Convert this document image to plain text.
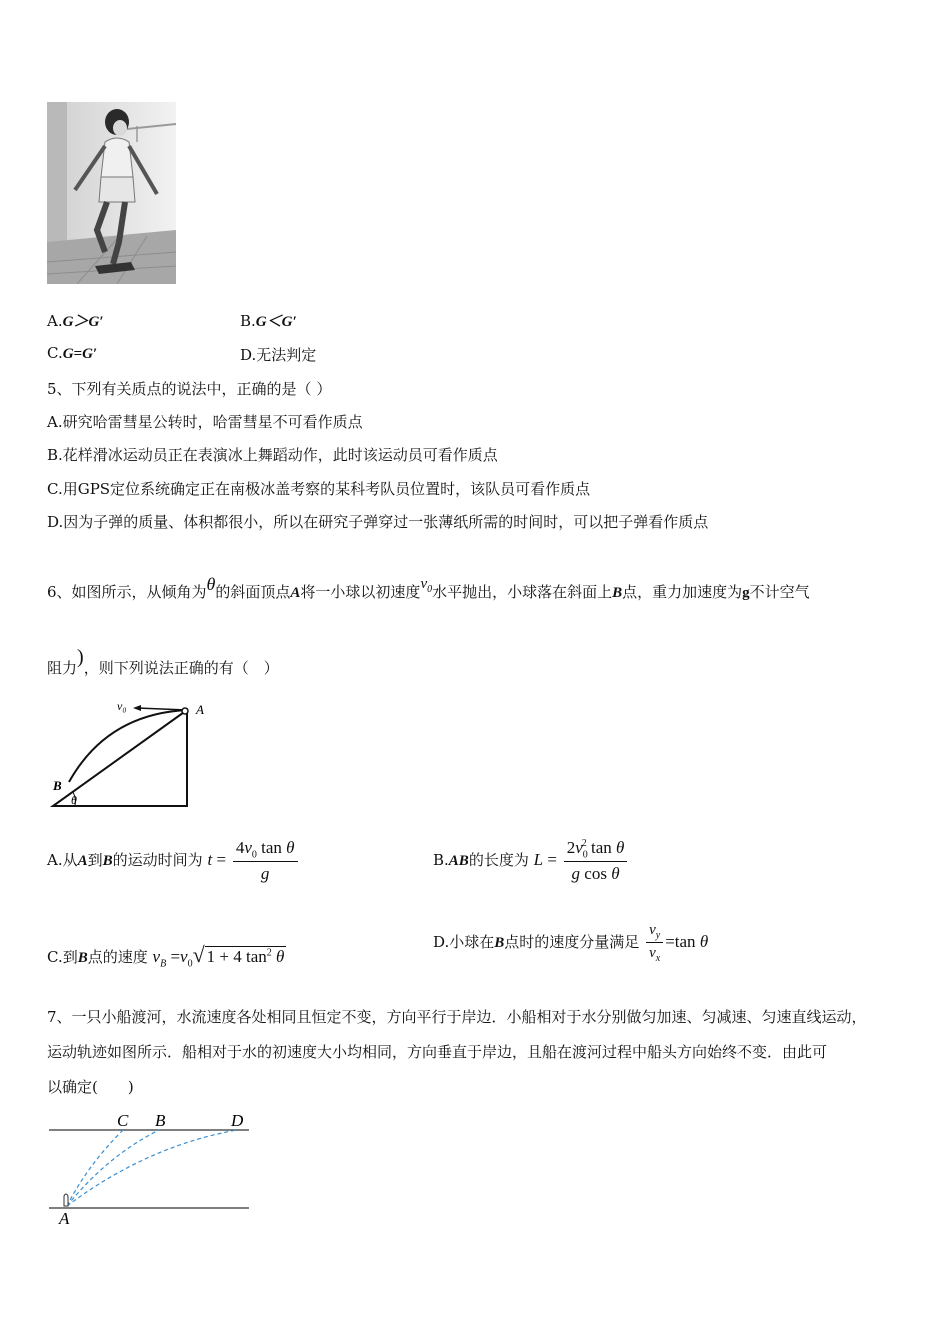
A.G＞G′	B.G＜G′
C.G=G′	D.无法判定
5、下列有关质点的说法中，正确的是（ ）
A.研究哈雷彗星公转时，哈雷彗星不可看作质点
B.花样滑冰运动员正在表演冰上舞蹈动作，此时该运动员可看作质点
C.用GPS定位系统确定正在南极冰盖考察的某科考队员位置时，该队员可看作质点
D.因为子弹的质量、体积都很小，所以在研究子弹穿过一张薄纸所需的时间时，可以把子弹看作质点
6、如图所示，从倾角为θ的斜面顶点A将一小球以初速度$v_0$水平抛出，小球落在斜面上B点，重力加速度为g不计空气
阻力)，则下列说法正确的有（　）
v₀	A
B
θ
A.从A到B的运动时间为 $t = \frac{4v_0 \tan \theta}{g}$	B.AB的长度为 $L = \frac{2v_0^2 \tan \theta}{\text{g cos θ}}$
C.到B点的速度 $v_B =v_0√$ 1 + 4 $\tan^2 \theta$
D.小球在B点时的速度分量满足 $\frac{v_y}{v_x} =\tan$ θ
7、一只小船渡河，水流速度各处相同且恒定不变，方向平行于岸边．小船相对于水分别做匀加速、匀减速、匀速直线运动，
运动轨迹如图所示．船相对于水的初速度大小均相同，方向垂直于岸边，且船在渡河过程中船头方向始终不变．由此可
以确定(　　)
C B	D
A
